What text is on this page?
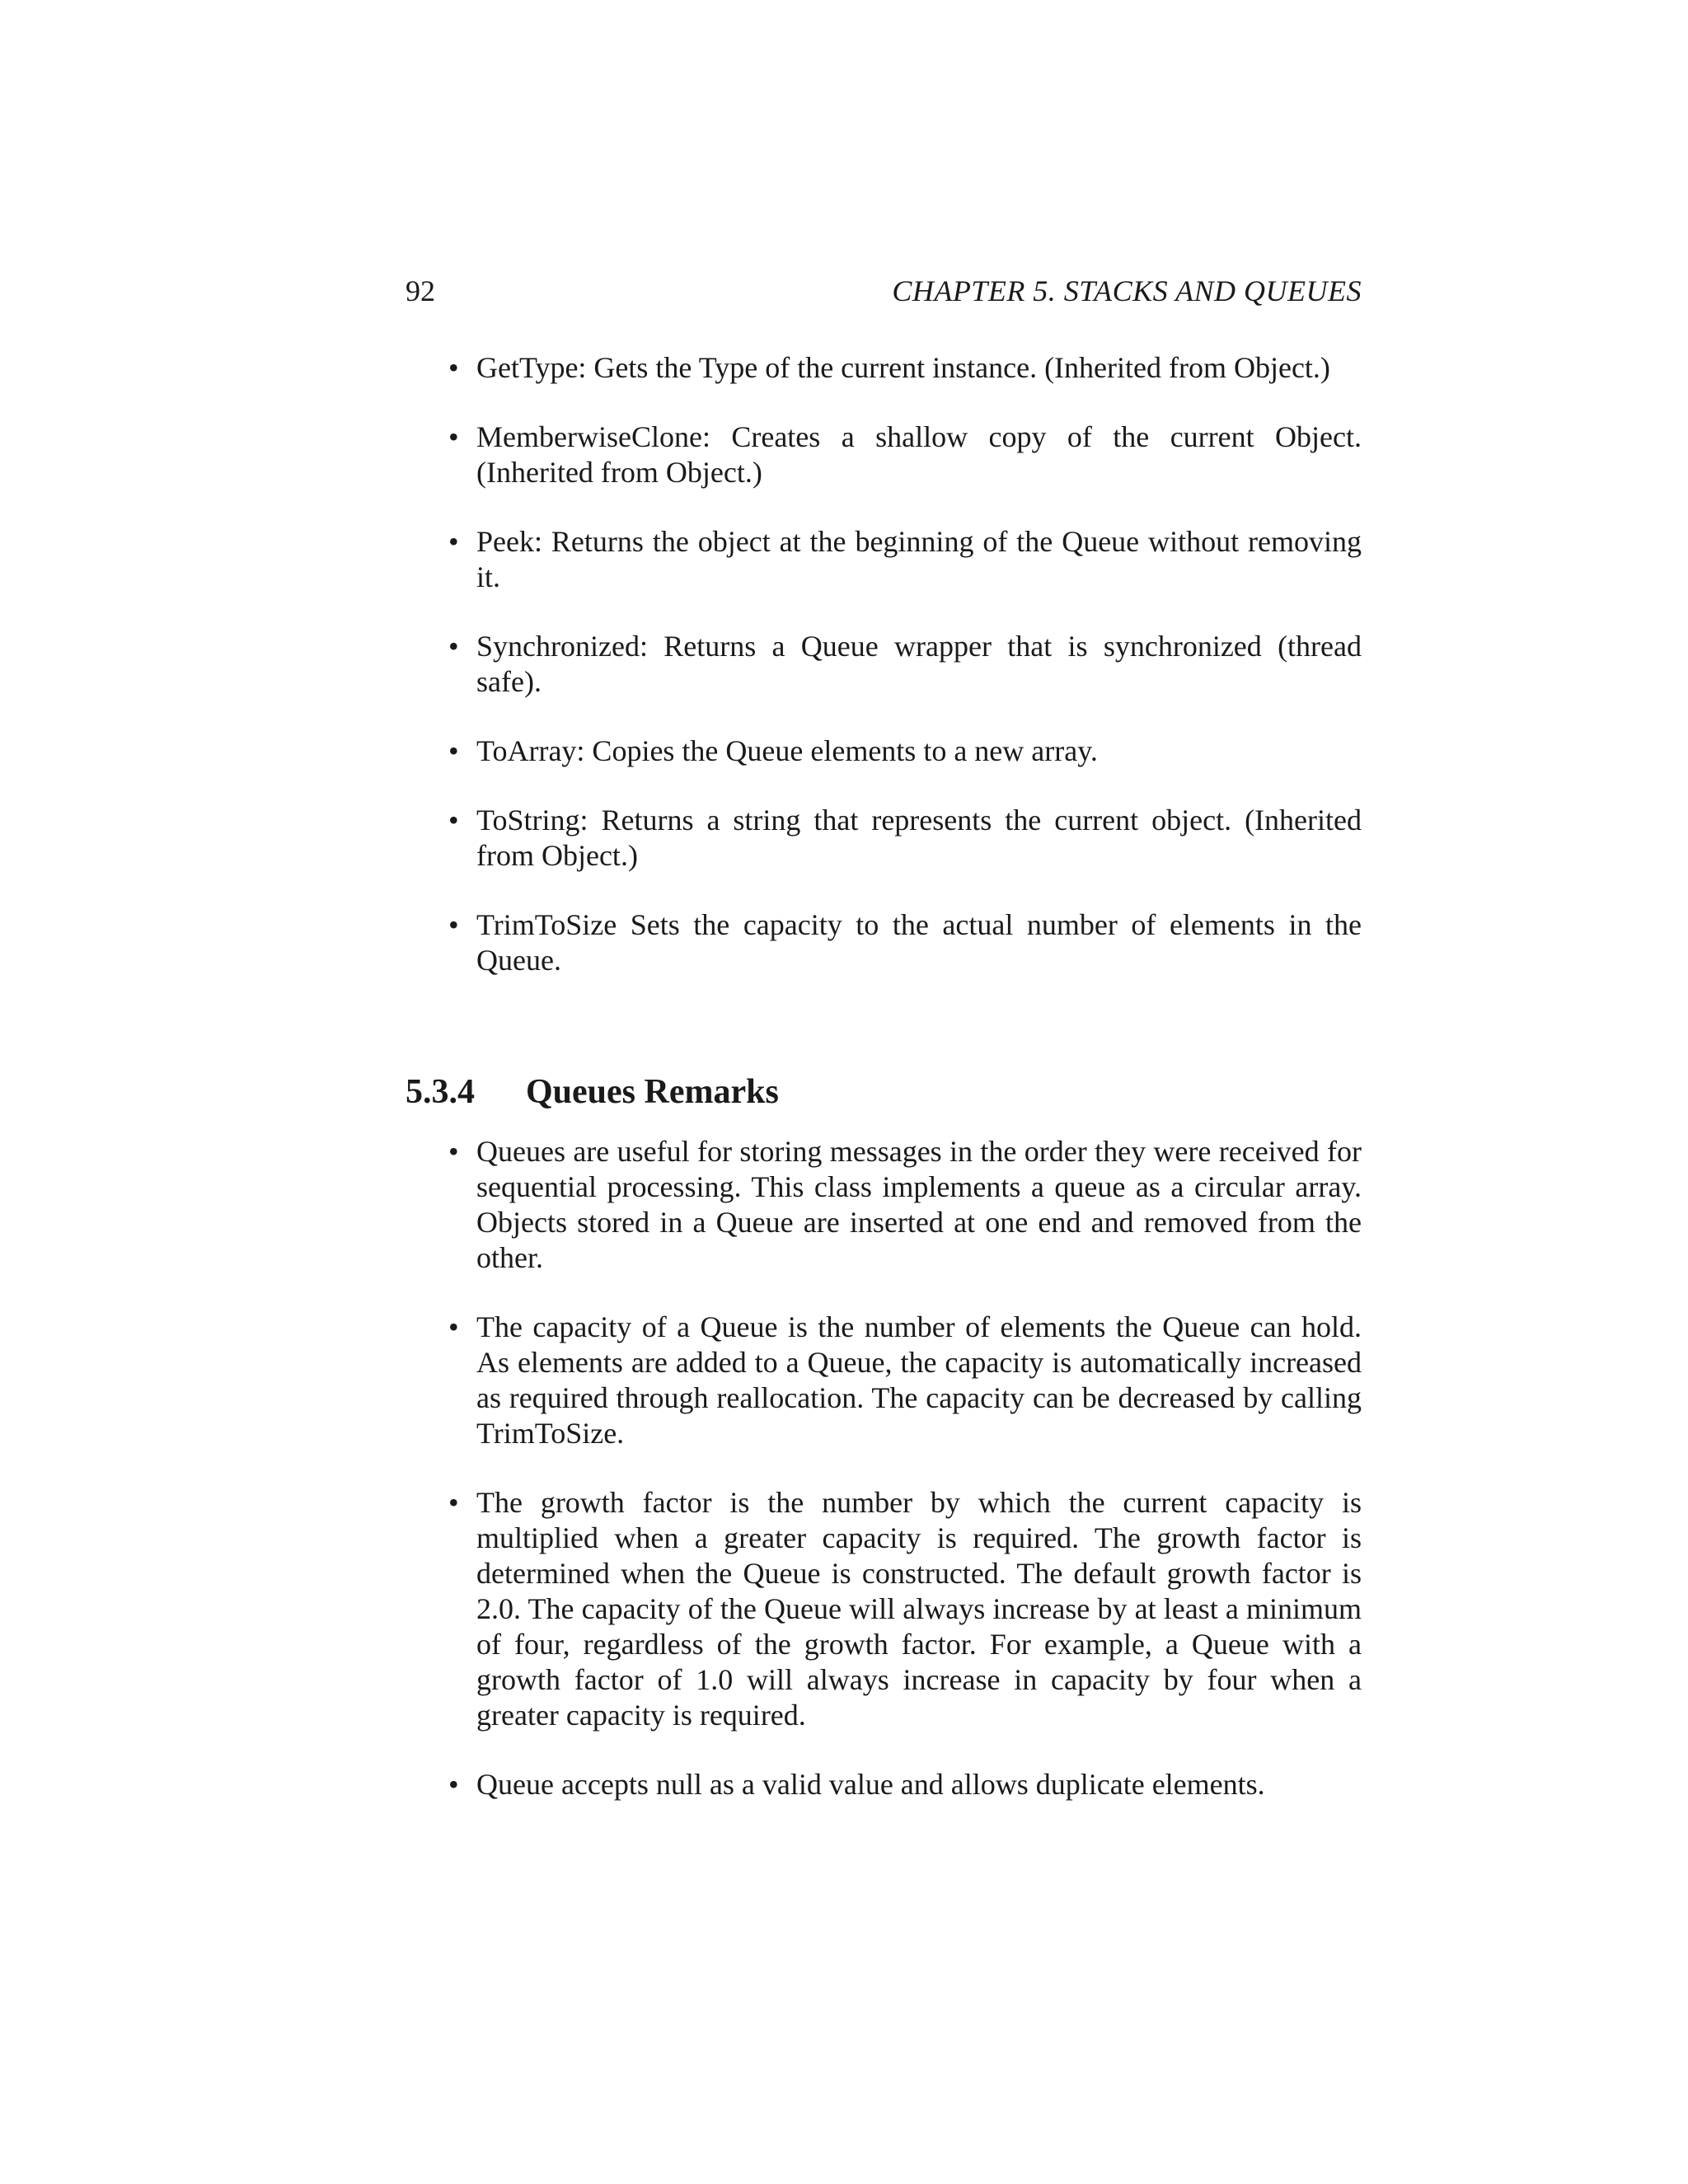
92	CHAPTER 5. STACKS AND QUEUES
• GetType: Gets the Type of the current instance. (Inherited from Object.)
• MemberwiseClone: Creates a shallow copy of the current Object. (Inherited from Object.)
• Peek: Returns the object at the beginning of the Queue without removing it.
• Synchronized: Returns a Queue wrapper that is synchronized (thread safe).
• ToArray: Copies the Queue elements to a new array.
• ToString: Returns a string that represents the current object. (Inherited from Object.)
• TrimToSize Sets the capacity to the actual number of elements in the Queue.
5.3.4 Queues Remarks
• Queues are useful for storing messages in the order they were received for sequential processing. This class implements a queue as a circular array. Objects stored in a Queue are inserted at one end and removed from the other.
• The capacity of a Queue is the number of elements the Queue can hold. As elements are added to a Queue, the capacity is automatically increased as required through reallocation. The capacity can be decreased by calling TrimToSize.
• The growth factor is the number by which the current capacity is multiplied when a greater capacity is required. The growth factor is determined when the Queue is constructed. The default growth factor is 2.0. The capacity of the Queue will always increase by at least a minimum of four, regardless of the growth factor. For example, a Queue with a growth factor of 1.0 will always increase in capacity by four when a greater capacity is required.
• Queue accepts null as a valid value and allows duplicate elements.
